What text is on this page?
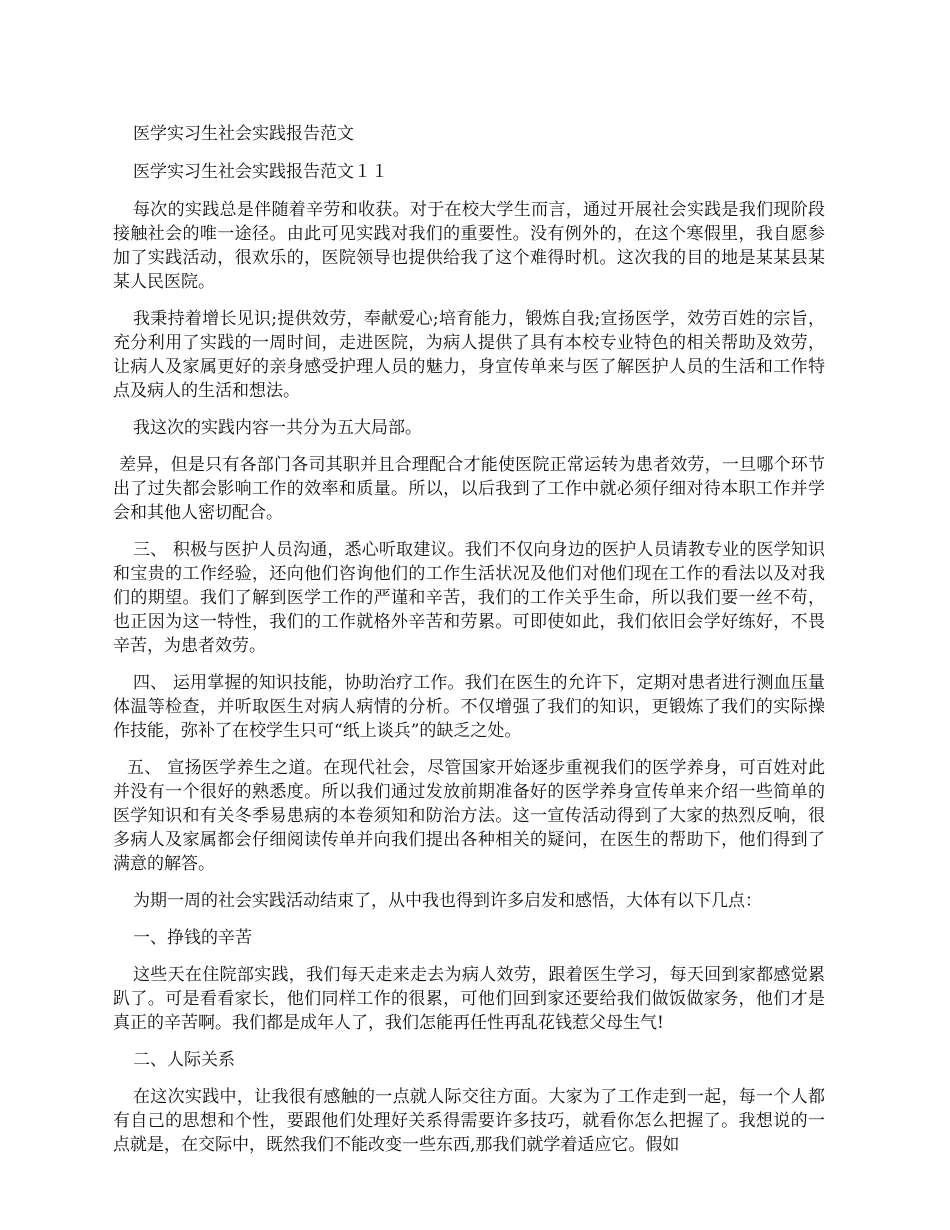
医学实习生社会实践报告范文

医学实习生社会实践报告范文１１

每次的实践总是伴随着辛劳和收获。对于在校大学生而言，通过开展社会实践是我们现阶段接触社会的唯一途径。由此可见实践对我们的重要性。没有例外的，在这个寒假里，我自愿参加了实践活动，很欢乐的，医院领导也提供给我了这个难得时机。这次我的目的地是某某县某某人民医院。

我秉持着增长见识;提供效劳，奉献爱心;培育能力，锻炼自我;宣扬医学，效劳百姓的宗旨，充分利用了实践的一周时间，走进医院，为病人提供了具有本校专业特色的相关帮助及效劳，让病人及家属更好的亲身感受护理人员的魅力，身宣传单来与医了解医护人员的生活和工作特点及病人的生活和想法。

我这次的实践内容一共分为五大局部。

差异，但是只有各部门各司其职并且合理配合才能使医院正常运转为患者效劳，一旦哪个环节出了过失都会影响工作的效率和质量。所以，以后我到了工作中就必须仔细对待本职工作并学会和其他人密切配合。

三、 积极与医护人员沟通，悉心听取建议。我们不仅向身边的医护人员请教专业的医学知识和宝贵的工作经验，还向他们咨询他们的工作生活状况及他们对他们现在工作的看法以及对我们的期望。我们了解到医学工作的严谨和辛苦，我们的工作关乎生命，所以我们要一丝不苟，也正因为这一特性，我们的工作就格外辛苦和劳累。可即使如此，我们依旧会学好练好，不畏辛苦，为患者效劳。

四、 运用掌握的知识技能，协助治疗工作。我们在医生的允许下，定期对患者进行测血压量体温等检查，并听取医生对病人病情的分析。不仅增强了我们的知识，更锻炼了我们的实际操作技能，弥补了在校学生只可“纸上谈兵”的缺乏之处。

五、 宣扬医学养生之道。在现代社会，尽管国家开始逐步重视我们的医学养身，可百姓对此并没有一个很好的熟悉度。所以我们通过发放前期准备好的医学养身宣传单来介绍一些简单的医学知识和有关冬季易患病的本卷须知和防治方法。这一宣传活动得到了大家的热烈反响，很多病人及家属都会仔细阅读传单并向我们提出各种相关的疑问，在医生的帮助下，他们得到了满意的解答。

为期一周的社会实践活动结束了，从中我也得到许多启发和感悟，大体有以下几点：

一、挣钱的辛苦

这些天在住院部实践，我们每天走来走去为病人效劳，跟着医生学习，每天回到家都感觉累趴了。可是看看家长，他们同样工作的很累，可他们回到家还要给我们做饭做家务，他们才是真正的辛苦啊。我们都是成年人了，我们怎能再任性再乱花钱惹父母生气!

二、人际关系

在这次实践中，让我很有感触的一点就人际交往方面。大家为了工作走到一起，每一个人都有自己的思想和个性，要跟他们处理好关系得需要许多技巧，就看你怎么把握了。我想说的一点就是，在交际中，既然我们不能改变一些东西,那我们就学着适应它。假如
